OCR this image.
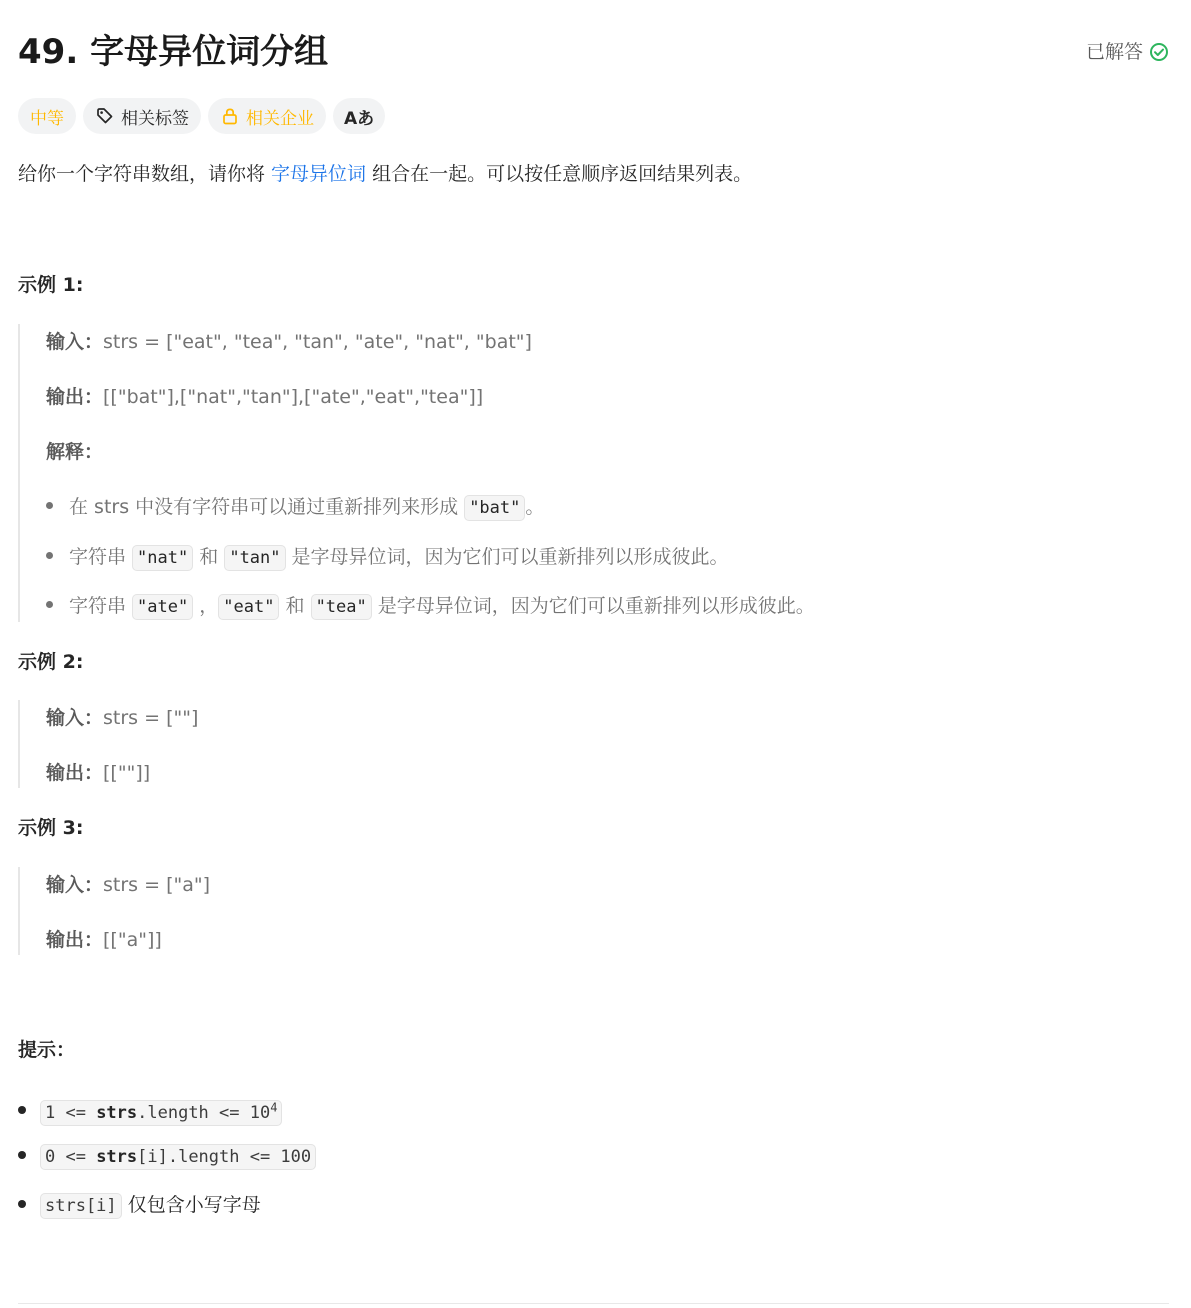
49. 字母异位词分组	已解答
中等	相关标签	相关企业 Aあ

给你一个字符串数组，请你将 字母异位词 组合在一起。可以按任意顺序返回结果列表。

示例 1:

输入：strs = ["eat", "tea", "tan", "ate", "nat", "bat"]
输出：[["bat"],["nat","tan"],["ate","eat","tea"]]
解释：
在 strs 中没有字符串可以通过重新排列来形成 "bat" 。
字符串 "nat" 和 "tan" 是字母异位词，因为它们可以重新排列以形成彼此。
字符串 "ate" ， "eat" 和 "tea" 是字母异位词，因为它们可以重新排列以形成彼此。

示例 2:

输入：strs = [""]
输出：[[""]]

示例 3:

输入：strs = ["a"]
输出：[["a"]]

提示：

1 <= strs.length <= $10^4$
0 <= strs[i].length <= 100
strs[i] 仅包含小写字母
